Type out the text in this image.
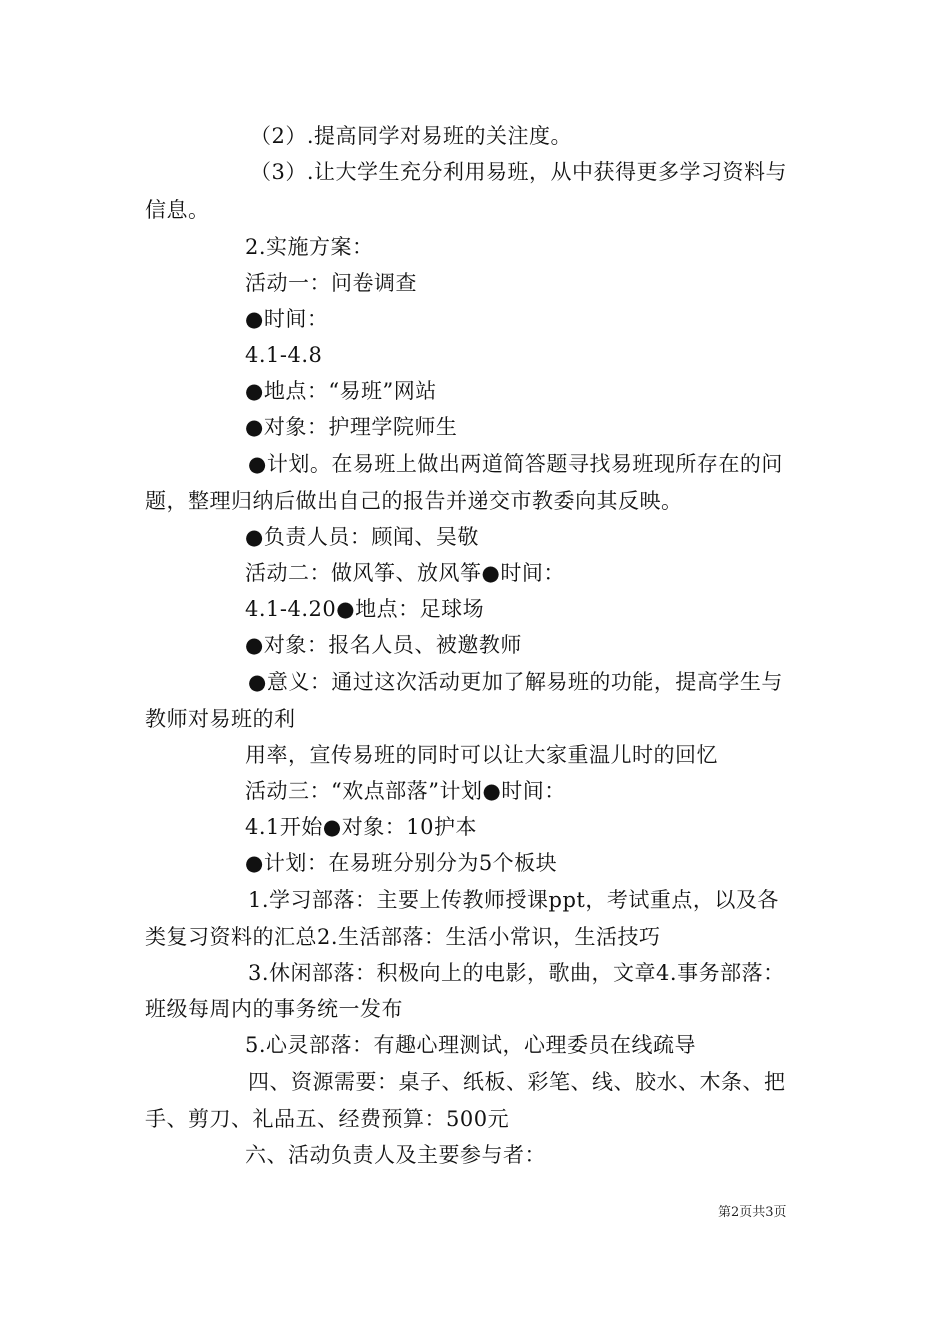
（2）.提高同学对易班的关注度。
（3）.让大学生充分利用易班，从中获得更多学习资料与
信息。
2.实施方案：
活动一：问卷调查
●时间：
4.1-4.8
●地点：“易班”网站
●对象：护理学院师生
●计划。在易班上做出两道简答题寻找易班现所存在的问
题，整理归纳后做出自己的报告并递交市教委向其反映。
●负责人员：顾闻、吴敬
活动二：做风筝、放风筝●时间：
4.1-4.20●地点：足球场
●对象：报名人员、被邀教师
●意义：通过这次活动更加了解易班的功能，提高学生与
教师对易班的利
用率，宣传易班的同时可以让大家重温儿时的回忆
活动三：“欢点部落”计划●时间：
4.1开始●对象：10护本
●计划：在易班分别分为5个板块
1.学习部落：主要上传教师授课ppt，考试重点，以及各
类复习资料的汇总2.生活部落：生活小常识，生活技巧
3.休闲部落：积极向上的电影，歌曲，文章4.事务部落：
班级每周内的事务统一发布
5.心灵部落：有趣心理测试，心理委员在线疏导
四、资源需要：桌子、纸板、彩笔、线、胶水、木条、把
手、剪刀、礼品五、经费预算：500元
六、活动负责人及主要参与者：
第2页共3页
